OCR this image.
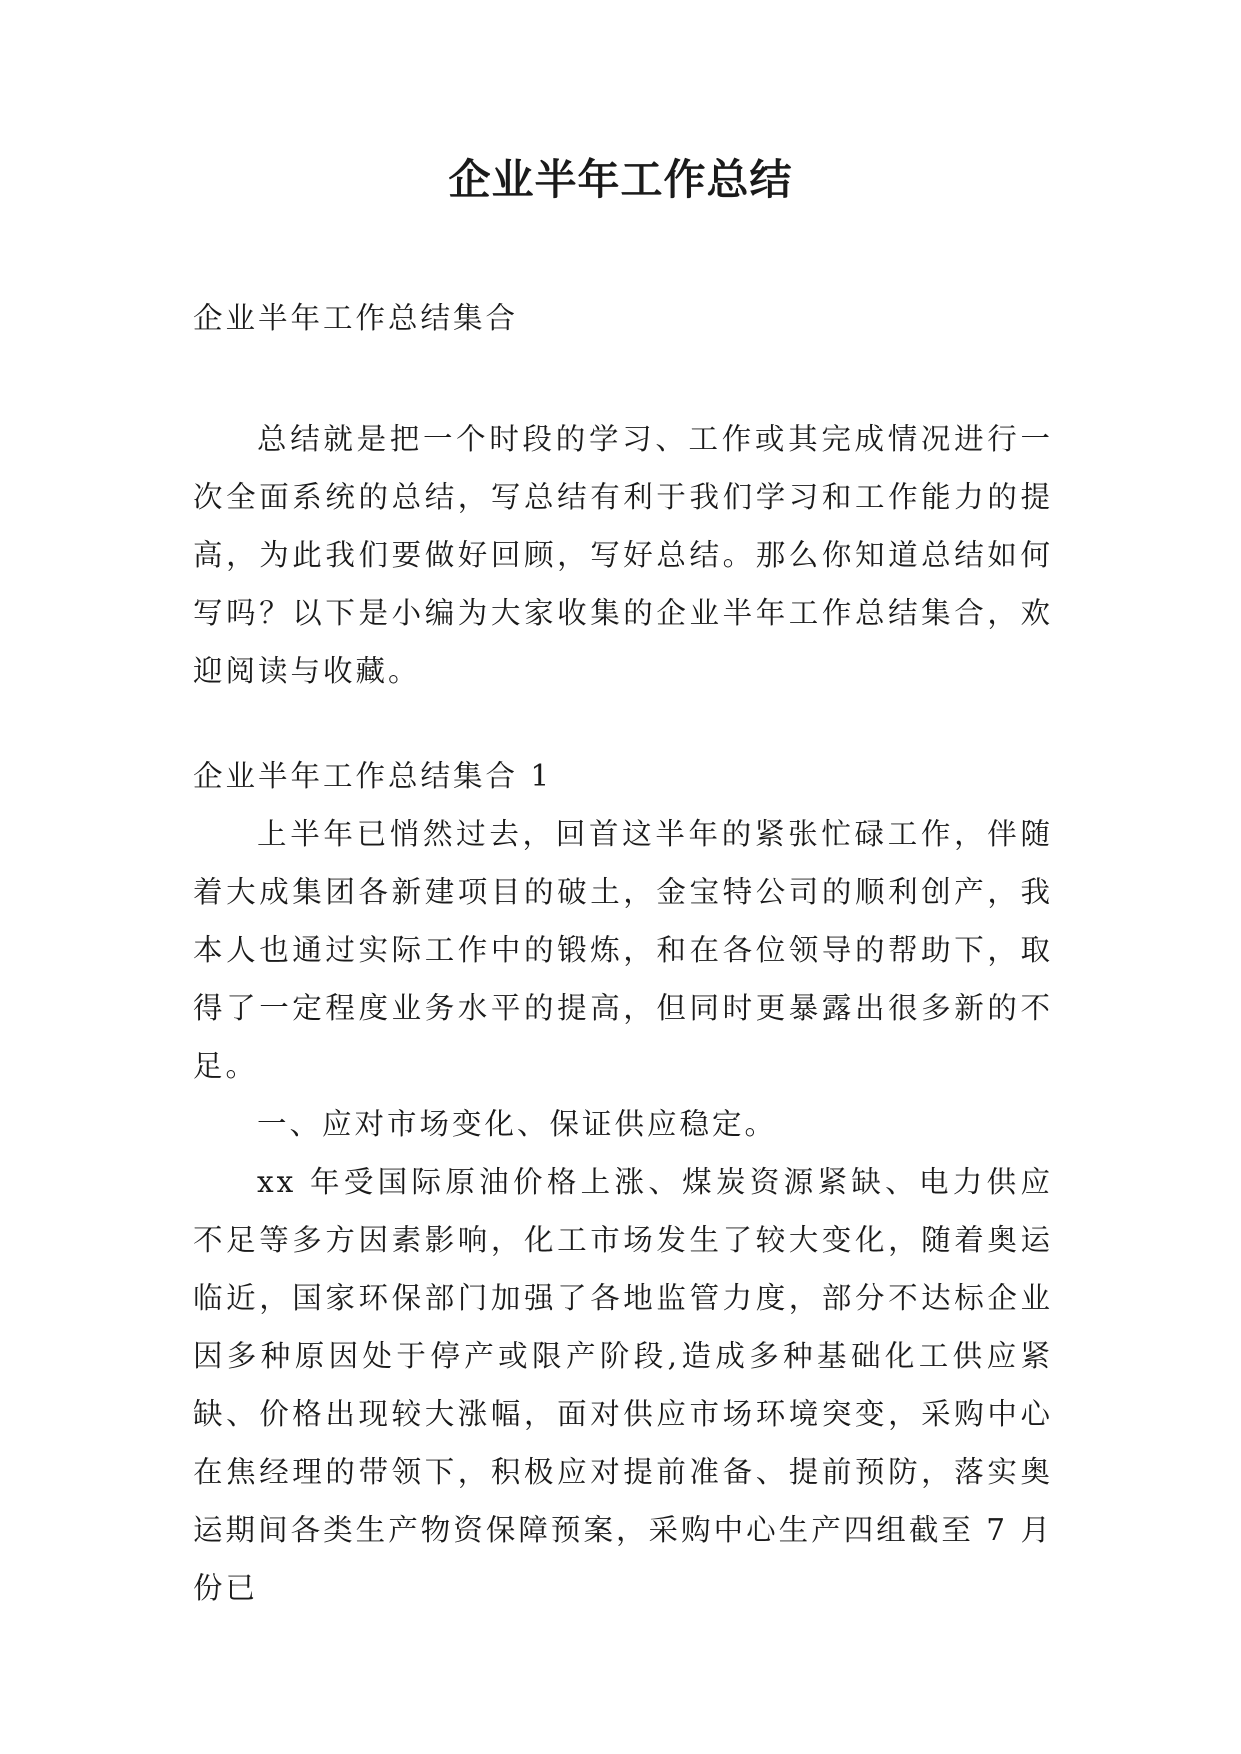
企业半年工作总结

企业半年工作总结集合

总结就是把一个时段的学习、工作或其完成情况进行一次全面系统的总结，写总结有利于我们学习和工作能力的提高，为此我们要做好回顾，写好总结。那么你知道总结如何写吗？以下是小编为大家收集的企业半年工作总结集合，欢迎阅读与收藏。

企业半年工作总结集合 1

上半年已悄然过去，回首这半年的紧张忙碌工作，伴随着大成集团各新建项目的破土，金宝特公司的顺利创产，我本人也通过实际工作中的锻炼，和在各位领导的帮助下，取得了一定程度业务水平的提高，但同时更暴露出很多新的不足。

一、应对市场变化、保证供应稳定。

xx 年受国际原油价格上涨、煤炭资源紧缺、电力供应不足等多方因素影响，化工市场发生了较大变化，随着奥运临近，国家环保部门加强了各地监管力度，部分不达标企业因多种原因处于停产或限产阶段,造成多种基础化工供应紧缺、价格出现较大涨幅，面对供应市场环境突变，采购中心在焦经理的带领下，积极应对提前准备、提前预防，落实奥运期间各类生产物资保障预案，采购中心生产四组截至 7 月份已
